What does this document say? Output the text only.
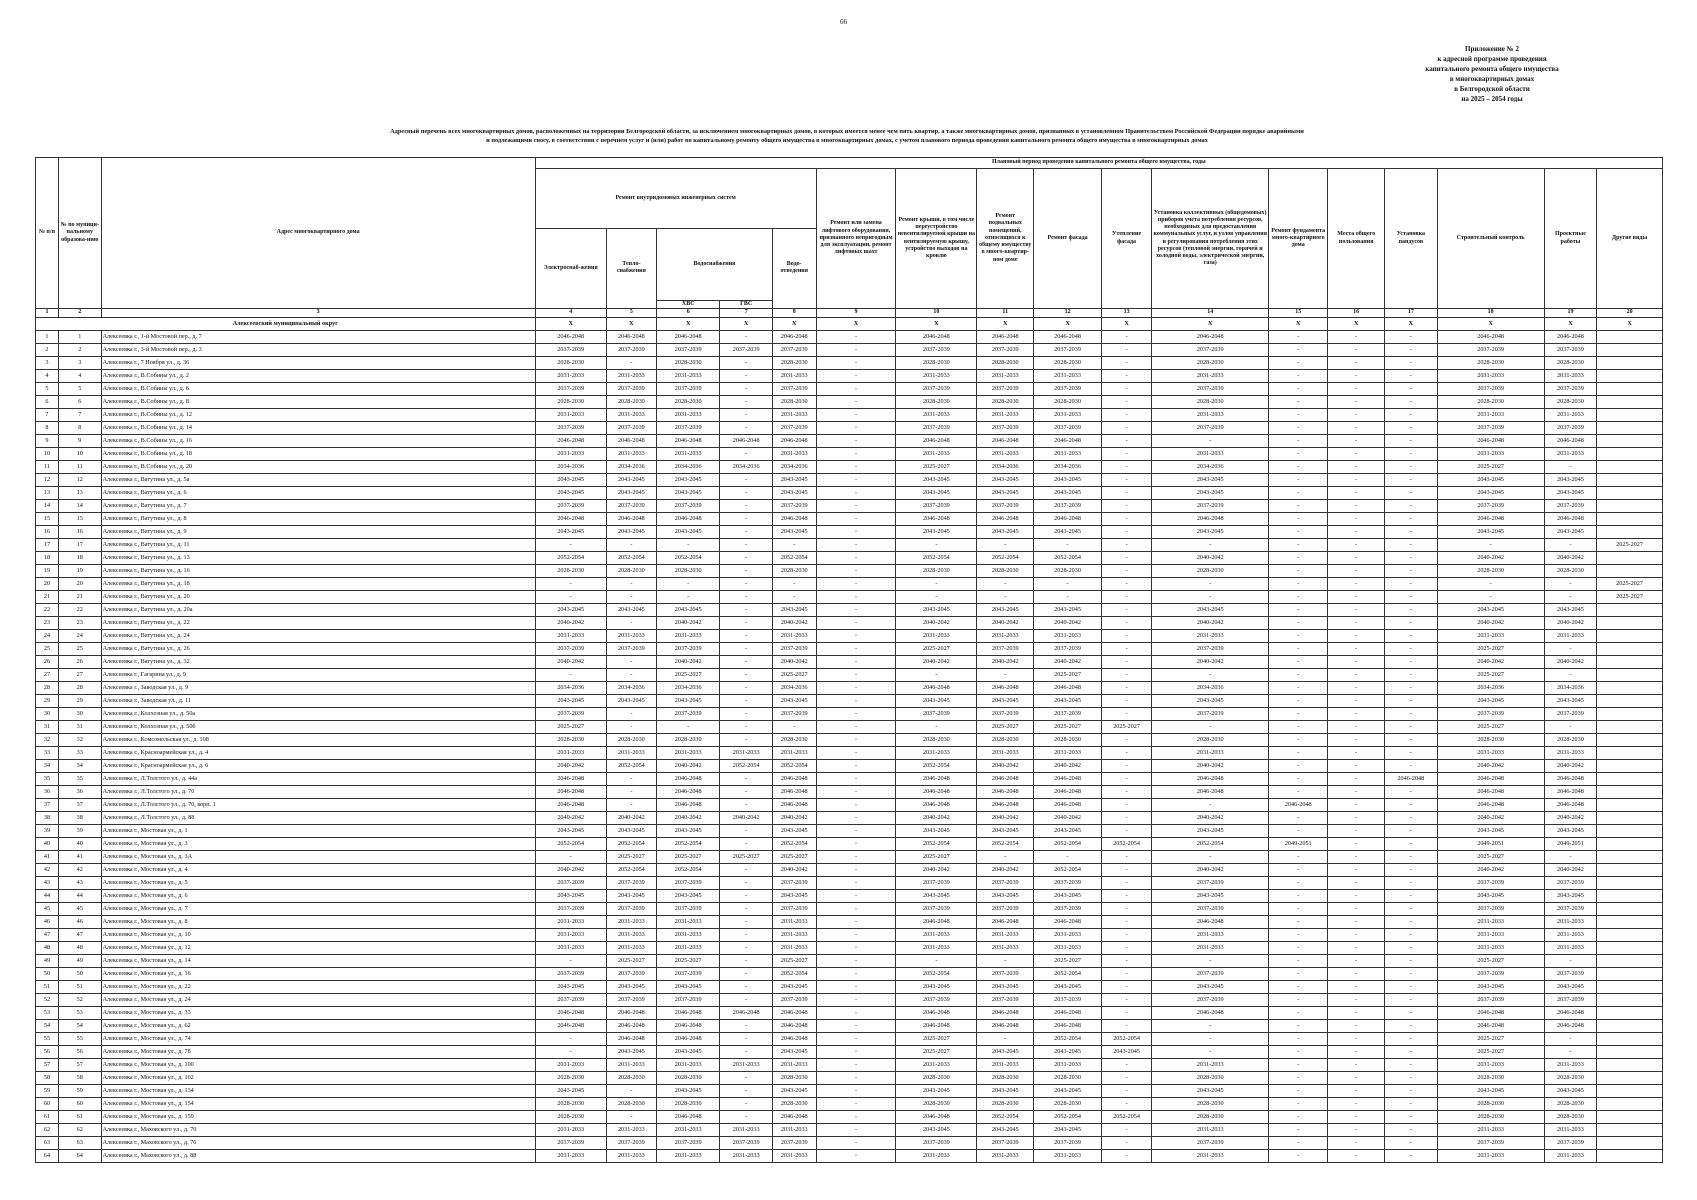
66
Приложение № 2
к адресной программе проведения
капитального ремонта общего имущества
в многоквартирных домах
в Белгородской области
на 2025 – 2054 годы
Адресный перечень всех многоквартирных домов, расположенных на территории Белгородской области, за исключением многоквартирных домов, в которых имеется менее чем пять квартир, а также многоквартирных домов, признанных в установленном Правительством Российской Федерации порядке аварийными
и подлежащими сносу, в соответствии с перечнем услуг и (или) работ по капитальному ремонту общего имущества в многоквартирных домах, с учетом планового периода проведения капитального ремонта общего имущества в многоквартирных домах
№ п/п	№ по муници-пальному образова-нию	Адрес многоквартирного дома	Плановый период проведения капитального ремонта общего имущества, годы																
			Ремонт внутридомовых инженерных систем					Ремонт или замена лифтового оборудования, признанного непригодным для эксплуатации, ремонт лифтовых шахт	Ремонт крыши, в том числе переустройство невентилируемой крыши на вентилируемую крышу, устройство выходов на кровлю	Ремонт подвальных помещений, относящихся к общему имуществу в много-квартир-ном доме	Ремонт фасада	Утепление фасада	Установка коллективных (общедомовых) приборов учета потребления ресурсов, необходимых для предоставления коммунальных услуг, и узлов управления и регулирования потребления этих ресурсов (тепловой энергии, горячей и холодной воды, электрической энергии, газа)	Ремонт фундамента много-квартирного дома	Места общего пользования	Установка пандусов	Строительный контроль	Проектные работы	Другие виды
			Электроснаб-жения	Тепло-снабжения	Водоснабжения		Водо-отведения												
					ХВС	ГВС													
1	2	3	4	5	6	7	8	9	10	11	12	13	14	15	16	17	18	19	20
Алексеевский муниципальный округ			X	X	X	X	X	X	X	X	X	X	X	X	X	X	X	X	X
1	1	Алексеевка г., 1-й Мостовой пер., д. 7	2046-2048	2046-2048	2046-2048	-	2046-2048	-	2046-2048	2046-2048	2046-2048	-	2046-2048	-	-	-	2046-2048	2046-2048	
2	2	Алексеевка г., 3-й Мостовой пер., д. 3	2037-2039	2037-2039	2037-2039	2037-2039	2037-2039	-	2037-2039	2037-2039	2037-2039	-	2037-2039	-	-	-	2037-2039	2037-2039	
3	3	Алексеевка г., 7 Ноября ул., д. 36	2028-2030	-	2028-2030	-	2028-2030	-	2028-2030	2028-2030	2028-2030	-	2028-2030	-	-	-	2028-2030	2028-2030	
4	4	Алексеевка г., В.Собины ул., д. 2	2031-2033	2031-2033	2031-2033	-	2031-2033	-	2031-2033	2031-2033	2031-2033	-	2031-2033	-	-	-	2031-2033	2031-2033	
5	5	Алексеевка г., В.Собины ул., д. 6	2037-2039	2037-2039	2037-2039	-	2037-2039	-	2037-2039	2037-2039	2037-2039	-	2037-2039	-	-	-	2037-2039	2037-2039	
6	6	Алексеевка г., В.Собины ул., д. 8	2028-2030	2028-2030	2028-2030	-	2028-2030	-	2028-2030	2028-2030	2028-2030	-	2028-2030	-	-	-	2028-2030	2028-2030	
7	7	Алексеевка г., В.Собины ул., д. 12	2031-2033	2031-2033	2031-2033	-	2031-2033	-	2031-2033	2031-2033	2031-2033	-	2031-2033	-	-	-	2031-2033	2031-2033	
8	8	Алексеевка г., В.Собины ул., д. 14	2037-2039	2037-2039	2037-2039	-	2037-2039	-	2037-2039	2037-2039	2037-2039	-	2037-2039	-	-	-	2037-2039	2037-2039	
9	9	Алексеевка г., В.Собины ул., д. 16	2046-2048	2046-2048	2046-2048	2046-2048	2046-2048	-	2046-2048	2046-2048	2046-2048	-	-	-	-	-	2046-2048	2046-2048	
10	10	Алексеевка г., В.Собины ул., д. 18	2031-2033	2031-2033	2031-2033	-	2031-2033	-	2031-2033	2031-2033	2031-2033	-	2031-2033	-	-	-	2031-2033	2031-2033	
11	11	Алексеевка г., В.Собины ул., д. 20	2034-2036	2034-2036	2034-2036	2034-2036	2034-2036	-	2025-2027	2034-2036	2034-2036	-	2034-2036	-	-	-	2025-2027	-	
12	12	Алексеевка г., Ватутина ул., д. 5а	2043-2045	2043-2045	2043-2045	-	2043-2045	-	2043-2045	2043-2045	2043-2045	-	2043-2045	-	-	-	2043-2045	2043-2045	
13	13	Алексеевка г., Ватутина ул., д. 6	2043-2045	2043-2045	2043-2045	-	2043-2045	-	2043-2045	2043-2045	2043-2045	-	2043-2045	-	-	-	2043-2045	2043-2045	
14	14	Алексеевка г., Ватутина ул., д. 7	2037-2039	2037-2039	2037-2039	-	2037-2039	-	2037-2039	2037-2039	2037-2039	-	2037-2039	-	-	-	2037-2039	2037-2039	
15	15	Алексеевка г., Ватутина ул., д. 8	2046-2048	2046-2048	2046-2048	-	2046-2048	-	2046-2048	2046-2048	2046-2048	-	2046-2048	-	-	-	2046-2048	2046-2048	
16	16	Алексеевка г., Ватутина ул., д. 9	2043-2045	2043-2045	2043-2045	-	2043-2045	-	2043-2045	2043-2045	2043-2045	-	2043-2045	-	-	-	2043-2045	2043-2045	
17	17	Алексеевка г., Ватутина ул., д. 11	-	-	-	-	-	-	-	-	-	-	-	-	-	-	-	-	2025-2027
18	18	Алексеевка г., Ватутина ул., д. 13	2052-2054	2052-2054	2052-2054	-	2052-2054	-	2052-2054	2052-2054	2052-2054	-	2040-2042	-	-	-	2040-2042	2040-2042	
19	19	Алексеевка г., Ватутина ул., д. 16	2028-2030	2028-2030	2028-2030	-	2028-2030	-	2028-2030	2028-2030	2028-2030	-	2028-2030	-	-	-	2028-2030	2028-2030	
20	20	Алексеевка г., Ватутина ул., д. 18	-	-	-	-	-	-	-	-	-	-	-	-	-	-	-	-	2025-2027
21	21	Алексеевка г., Ватутина ул., д. 20	-	-	-	-	-	-	-	-	-	-	-	-	-	-	-	-	2025-2027
22	22	Алексеевка г., Ватутина ул., д. 20а	2043-2045	2043-2045	2043-2045	-	2043-2045	-	2043-2045	2043-2045	2043-2045	-	2043-2045	-	-	-	2043-2045	2043-2045	
23	23	Алексеевка г., Ватутина ул., д. 22	2040-2042	-	2040-2042	-	2040-2042	-	2040-2042	2040-2042	2040-2042	-	2040-2042	-	-	-	2040-2042	2040-2042	
24	24	Алексеевка г., Ватутина ул., д. 24	2031-2033	2031-2033	2031-2033	-	2031-2033	-	2031-2033	2031-2033	2031-2033	-	2031-2033	-	-	-	2031-2033	2031-2033	
25	25	Алексеевка г., Ватутина ул., д. 26	2037-2039	2037-2039	2037-2039	-	2037-2039	-	2025-2027	2037-2039	2037-2039	-	2037-2039	-	-	-	2025-2027	-	
26	26	Алексеевка г., Ватутина ул., д. 32	2040-2042	-	2040-2042	-	2040-2042	-	2040-2042	2040-2042	2040-2042	-	2040-2042	-	-	-	2040-2042	2040-2042	
27	27	Алексеевка г., Гагарина ул., д. 9	-	-	2025-2027	-	2025-2027	-	-	-	2025-2027	-	-	-	-	-	2025-2027	-	
28	28	Алексеевка г., Заводская ул., д. 9	2034-2036	2034-2036	2034-2036	-	2034-2036	-	2046-2048	2046-2048	2046-2048	-	2034-2036	-	-	-	2034-2036	2034-2036	
29	29	Алексеевка г., Заводская ул., д. 11	2043-2045	2043-2045	2043-2045	-	2043-2045	-	2043-2045	2043-2045	2043-2045	-	2043-2045	-	-	-	2043-2045	2043-2045	
30	30	Алексеевка г., Колхозная ул., д. 50а	2037-2039	-	2037-2039	-	2037-2039	-	2037-2039	2037-2039	2037-2039	-	2037-2039	-	-	-	2037-2039	2037-2039	
31	31	Алексеевка г., Колхозная ул., д. 50б	2025-2027	-	-	-	-	-	-	2025-2027	2025-2027	2025-2027	-	-	-	-	2025-2027	-	
32	32	Алексеевка г., Комсомольская ул., д. 108	2028-2030	2028-2030	2028-2030	-	2028-2030	-	2028-2030	2028-2030	2028-2030	-	2028-2030	-	-	-	2028-2030	2028-2030	
33	33	Алексеевка г., Красноармейская ул., д. 4	2031-2033	2031-2033	2031-2033	2031-2033	2031-2033	-	2031-2033	2031-2033	2031-2033	-	2031-2033	-	-	-	2031-2033	2031-2033	
34	34	Алексеевка г., Красноармейская ул., д. 6	2040-2042	2052-2054	2040-2042	2052-2054	2052-2054	-	2052-2054	2040-2042	2040-2042	-	2040-2042	-	-	-	2040-2042	2040-2042	
35	35	Алексеевка г., Л.Толстого ул., д. 44а	2046-2048	-	2046-2048	-	2046-2048	-	2046-2048	2046-2048	2046-2048	-	2046-2048	-	-	2046-2048	2046-2048	2046-2048	
36	36	Алексеевка г., Л.Толстого ул., д. 70	2046-2048	-	2046-2048	-	2046-2048	-	2046-2048	2046-2048	2046-2048	-	2046-2048	-	-	-	2046-2048	2046-2048	
37	37	Алексеевка г., Л.Толстого ул., д. 70, корп. 1	2046-2048	-	2046-2048	-	2046-2048	-	2046-2048	2046-2048	2046-2048	-	-	2046-2048	-	-	2046-2048	2046-2048	
38	38	Алексеевка г., Л.Толстого ул., д. 88	2040-2042	2040-2042	2040-2042	2040-2042	2040-2042	-	2040-2042	2040-2042	2040-2042	-	2040-2042	-	-	-	2040-2042	2040-2042	
39	39	Алексеевка г., Мостовая ул., д. 1	2043-2045	2043-2045	2043-2045	-	2043-2045	-	2043-2045	2043-2045	2043-2045	-	2043-2045	-	-	-	2043-2045	2043-2045	
40	40	Алексеевка г., Мостовая ул., д. 3	2052-2054	2052-2054	2052-2054	-	2052-2054	-	2052-2054	2052-2054	2052-2054	2052-2054	2052-2054	2049-2051	-	-	2049-2051	2049-2051	
41	41	Алексеевка г., Мостовая ул., д. 3А	-	2025-2027	2025-2027	2025-2027	2025-2027	-	2025-2027	-	-	-	-	-	-	-	2025-2027	-	
42	42	Алексеевка г., Мостовая ул., д. 4	2040-2042	2052-2054	2052-2054	-	2040-2042	-	2040-2042	2040-2042	2052-2054	-	2040-2042	-	-	-	2040-2042	2040-2042	
43	43	Алексеевка г., Мостовая ул., д. 5	2037-2039	2037-2039	2037-2039	-	2037-2039	-	2037-2039	2037-2039	2037-2039	-	2037-2039	-	-	-	2037-2039	2037-2039	
44	44	Алексеевка г., Мостовая ул., д. 6	2043-2045	2043-2045	2043-2045	-	2043-2045	-	2043-2045	2043-2045	2043-2045	-	2043-2045	-	-	-	2043-2045	2043-2045	
45	45	Алексеевка г., Мостовая ул., д. 7	2037-2039	2037-2039	2037-2039	-	2037-2039	-	2037-2039	2037-2039	2037-2039	-	2037-2039	-	-	-	2037-2039	2037-2039	
46	46	Алексеевка г., Мостовая ул., д. 8	2031-2033	2031-2033	2031-2033	-	2031-2033	-	2046-2048	2046-2048	2046-2048	-	2046-2048	-	-	-	2031-2033	2031-2033	
47	47	Алексеевка г., Мостовая ул., д. 10	2031-2033	2031-2033	2031-2033	-	2031-2033	-	2031-2033	2031-2033	2031-2033	-	2031-2033	-	-	-	2031-2033	2031-2033	
48	48	Алексеевка г., Мостовая ул., д. 12	2031-2033	2031-2033	2031-2033	-	2031-2033	-	2031-2033	2031-2033	2031-2033	-	2031-2033	-	-	-	2031-2033	2031-2033	
49	49	Алексеевка г., Мостовая ул., д. 14	-	2025-2027	2025-2027	-	2025-2027	-	-	-	2025-2027	-	-	-	-	-	2025-2027	-	
50	50	Алексеевка г., Мостовая ул., д. 16	2037-2039	2037-2039	2037-2039	-	2052-2054	-	2052-2054	2037-2039	2052-2054	-	2037-2039	-	-	-	2037-2039	2037-2039	
51	51	Алексеевка г., Мостовая ул., д. 22	2043-2045	2043-2045	2043-2045	-	2043-2045	-	2043-2045	2043-2045	2043-2045	-	2043-2045	-	-	-	2043-2045	2043-2045	
52	52	Алексеевка г., Мостовая ул., д. 24	2037-2039	2037-2039	2037-2039	-	2037-2039	-	2037-2039	2037-2039	2037-2039	-	2037-2039	-	-	-	2037-2039	2037-2039	
53	53	Алексеевка г., Мостовая ул., д. 33	2046-2048	2046-2048	2046-2048	2046-2048	2046-2048	-	2046-2048	2046-2048	2046-2048	-	2046-2048	-	-	-	2046-2048	2046-2048	
54	54	Алексеевка г., Мостовая ул., д. 62	2046-2048	2046-2048	2046-2048	-	2046-2048	-	2046-2048	2046-2048	2046-2048	-	-	-	-	-	2046-2048	2046-2048	
55	55	Алексеевка г., Мостовая ул., д. 74	-	2046-2048	2046-2048	-	2046-2048	-	2025-2027	-	2052-2054	2052-2054	-	-	-	-	2025-2027	-	
56	56	Алексеевка г., Мостовая ул., д. 78	-	2043-2045	2043-2045	-	2043-2045	-	2025-2027	2043-2045	2043-2045	2043-2045	-	-	-	-	2025-2027	-	
57	57	Алексеевка г., Мостовая ул., д. 100	2031-2033	2031-2033	2031-2033	2031-2033	2031-2033	-	2031-2033	2031-2033	2031-2033	-	2031-2033	-	-	-	2031-2033	2031-2033	
58	58	Алексеевка г., Мостовая ул., д. 102	2028-2030	2028-2030	2028-2030	-	2028-2030	-	2028-2030	2028-2030	2028-2030	-	2028-2030	-	-	-	2028-2030	2028-2030	
59	59	Алексеевка г., Мостовая ул., д. 134	2043-2045	-	2043-2045	-	2043-2045	-	2043-2045	2043-2045	2043-2045	-	2043-2045	-	-	-	2043-2045	2043-2045	
60	60	Алексеевка г., Мостовая ул., д. 154	2028-2030	2028-2030	2028-2030	-	2028-2030	-	2028-2030	2028-2030	2028-2030	-	2028-2030	-	-	-	2028-2030	2028-2030	
61	61	Алексеевка г., Мостовая ул., д. 159	2028-2030	-	2046-2048	-	2046-2048	-	2046-2048	2052-2054	2052-2054	2052-2054	2028-2030	-	-	-	2028-2030	2028-2030	
62	62	Алексеевка г., Маховского ул., д. 70	2031-2033	2031-2033	2031-2033	2031-2033	2031-2033	-	2043-2045	2043-2045	2043-2045	-	2031-2033	-	-	-	2031-2033	2031-2033	
63	63	Алексеевка г., Маховского ул., д. 76	2037-2039	2037-2039	2037-2039	2037-2039	2037-2039	-	2037-2039	2037-2039	2037-2039	-	2037-2039	-	-	-	2037-2039	2037-2039	
64	64	Алексеевка г., Маховского ул., д. 88	2031-2033	2031-2033	2031-2033	2031-2033	2031-2033	-	2031-2033	2031-2033	2031-2033	-	2031-2033	-	-	-	2031-2033	2031-2033	
